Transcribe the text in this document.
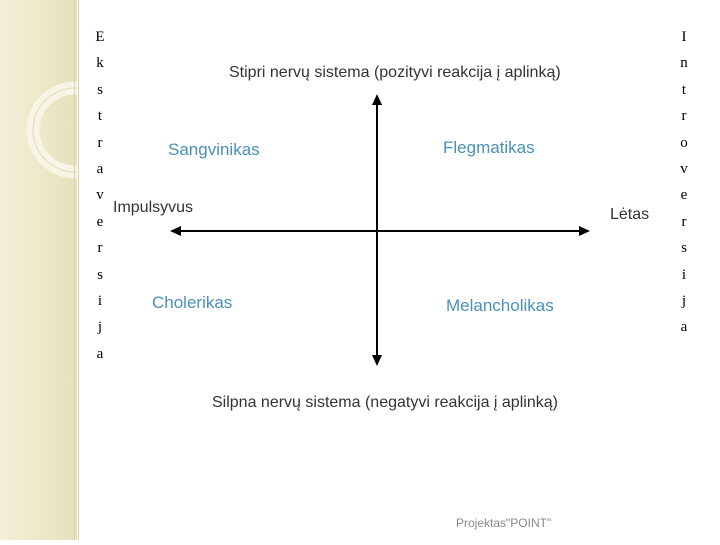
E
k
s
t
r
a
v
e
r
s
i
j
a
I
n
t
r
o
v
e
r
s
i
j
a
Stipri nervų sistema (pozityvi reakcija į aplinką)
Silpna nervų sistema (negatyvi reakcija į aplinką)
Impulsyvus	Lėtas
Sangvinikas	Flegmatikas
Cholerikas	Melancholikas
Projektas"POINT"
